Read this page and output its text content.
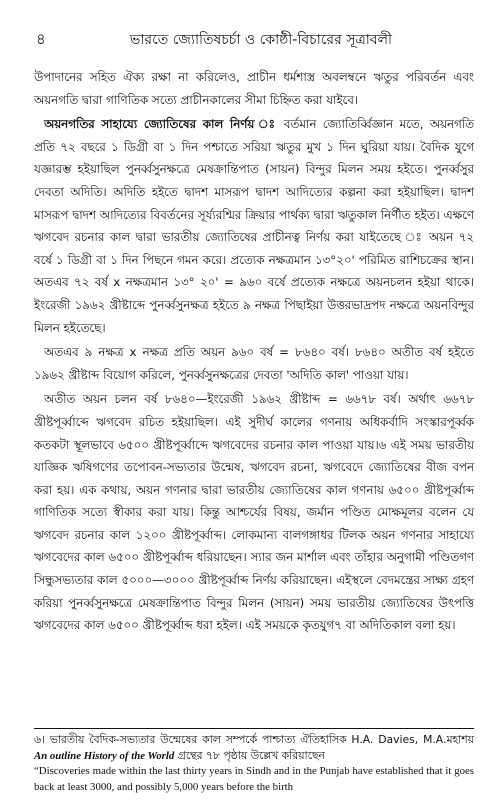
৪	ভারতে জ্যোতিষচর্চা ও কোষ্ঠী-বিচারের সূত্রাবলী

উপাদানের সহিত ঐক্য রক্ষা না করিলেও, প্রাচীন ধর্মশাস্ত্র অবলম্বনে ঋতুর পরিবর্তন এবং অয়নগতি দ্বারা গাণিতিক সত্যে প্রাচীনকালের সীমা চিহ্নিত করা যাইবে।

অয়নগতির সাহায্যে জ্যোতিষের কাল নির্ণয় ঃ বর্তমান জ্যোতির্ব্বিজ্ঞান মতে, অয়নগতি প্রতি ৭২ বছরে ১ ডিগ্রী বা ১ দিন পশ্চাতে সরিয়া ঋতুর মুখ ১ দিন ঘুরিয়া যায়। বৈদিক যুগে যজ্ঞারম্ভ হইয়াছিল পুনর্ব্বসুনক্ষত্রে মেষক্রান্তিপাত (সায়ন) বিন্দুর মিলন সময় হইতে। পুনর্ব্বসুর দেবতা অদিতি। অদিতি হইতে দ্বাদশ মাসরূপ দ্বাদশ আদিত্যের কল্পনা করা হইয়াছিল। দ্বাদশ মাসরূপ দ্বাদশ আদিত্যের বিবর্তনের সূর্য্যরশ্মির ক্রিয়ার পার্থক্য দ্বারা ঋতুকাল নির্ণীত হইত। এক্ষণে ঋগবেদ রচনার কাল দ্বারা ভারতীয় জ্যোতিষের প্রাচীনত্ব নির্ণয় করা যাইতেছে ঃ অয়ন ৭২ বর্ষে ১ ডিগ্রী বা ১ দিন পিছনে গমন করে। প্রত্যেক নক্ষত্রমান ১৩°২০' পরিমিত রাশিচক্রের স্থান। অতএব ৭২ বর্ষ x নক্ষত্রমান ১৩° ২০' = ৯৬০ বর্ষে প্রত্যেক নক্ষত্রে অয়নচলন হইয়া থাকে। ইংরেজী ১৯৬২ খ্রীষ্টাব্দে পুনর্ব্বসুনক্ষত্র হইতে ৯ নক্ষত্র পিছাইয়া উত্তরভাদ্রপদ নক্ষত্রে অয়নবিন্দুর মিলন হইতেছে।

অতএব ৯ নক্ষত্র x নক্ষত্র প্রতি অয়ন ৯৬০ বর্ষ = ৮৬৪০ বর্ষ। ৮৬৪০ অতীত বর্ষ হইতে ১৯৬২ খ্রীষ্টাব্দ বিয়োগ করিলে, পুনর্ব্বসুনক্ষত্রের দেবতা 'অদিতি কাল' পাওয়া যায়।

অতীত অয়ন চলন বর্ষ ৮৬৪০—ইংরেজী ১৯৬২ খ্রীষ্টাব্দ = ৬৬৭৮ বর্ষ। অর্থাৎ ৬৬৭৮ খ্রীষ্টপূর্ব্বাব্দে ঋগবেদ রচিত হইয়াছিল। এই সুদীর্ঘ কালের গণনায় অধিকর্বাদি সংস্কারপূর্ব্বক কতকটা স্থূলভাবে ৬৫০০ খ্রীষ্টপূর্ব্বাব্দে ঋগবেদের রচনার কাল পাওয়া যায়।৬ এই সময় ভারতীয় যাজ্ঞিক ঋষিগণের তপোবন-সভ্যতার উন্মেষ, ঋগবেদ রচনা, ঋগবেদে জ্যোতিষের বীজ বপন করা হয়। এক কথায়, অয়ন গণনার দ্বারা ভারতীয় জ্যোতিষের কাল গণনায় ৬৫০০ খ্রীষ্টপূর্ব্বাব্দ গাণিতিক সত্যে স্বীকার করা যায়। কিন্তু আশ্চর্যের বিষয়, জর্মান পণ্ডিত মোক্ষমূলর বলেন যে ঋগবেদ রচনার কাল ১২০০ খ্রীষ্টপূর্ব্বাব্দ। লোকমান্য বালগঙ্গাধর টিলক অয়ন গণনার সাহায্যে ঋগবেদের কাল ৬৫০০ খ্রীষ্টপূর্ব্বাব্দ ধরিয়াছেন। স্যার জন মার্শাল এবং তাঁহার অনুগামী পণ্ডিতগণ সিন্ধুসভ্যতার কাল ৫০০০—৩০০০ খ্রীষ্টপূর্ব্বাব্দ নির্ণয় করিয়াছেন। এইস্থলে বেদমন্ত্রের সাক্ষ্য গ্রহণ করিয়া পুনর্ব্বসুনক্ষত্রে মেষক্রান্তিপাত বিন্দুর মিলন (সায়ন) সময় ভারতীয় জ্যোতিষের উৎপত্তি ঋগবেদের কাল ৬৫০০ খ্রীষ্টপূর্ব্বাব্দ ধরা হইল। এই সময়কে কৃতযুগ৭ বা অদিতিকাল বলা হয়।

৬। ভারতীয় বৈদিক-সভ্যতার উন্মেষের কাল সম্পর্কে পাশ্চাত্য ঐতিহাসিক H.A. Davies, M.A.মহাশয় An outline History of the World গ্রন্থের ৭৮ পৃষ্ঠায় উল্লেখ করিয়াছেন

“Discoveries made within the last thirty years in Sindh and in the Punjab have established that it goes back at least 3000, and possibly 5,000 years before the birth
